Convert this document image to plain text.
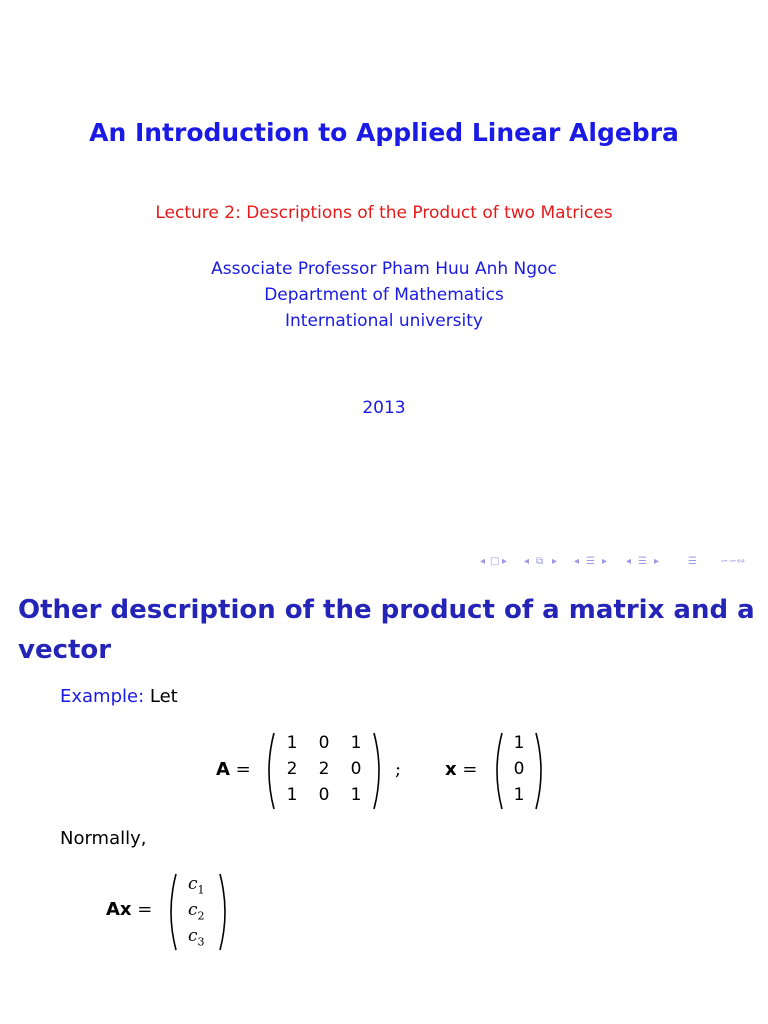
An Introduction to Applied Linear Algebra
Lecture 2: Descriptions of the Product of two Matrices
Associate Professor Pham Huu Anh Ngoc
Department of Mathematics
International university
2013
◂ □ ▸ ◂ ⧉ ▸ ◂ ☰ ▸ ◂ ☰ ▸	☰ ∽∽∾
Other description of the product of a matrix and a vector
Example: Let
A =
1	0	1
2	2	0
1	0	1
; x =
1
0
1
Normally,
Ax =
$c_1$
$c_2$
$c_3$
